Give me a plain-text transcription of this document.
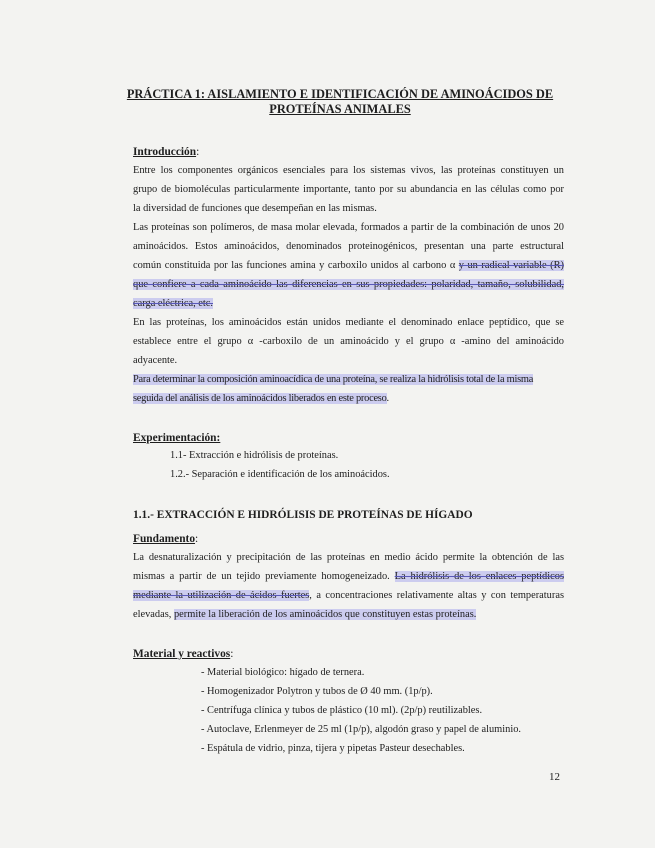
PRÁCTICA 1: AISLAMIENTO E IDENTIFICACIÓN DE AMINOÁCIDOS DE
PROTEÍNAS ANIMALES
Introducción:
Entre los componentes orgánicos esenciales para los sistemas vivos, las proteínas constituyen un
grupo de biomoléculas particularmente importante, tanto por su abundancia en las células como por
la diversidad de funciones que desempeñan en las mismas.
Las proteínas son polímeros, de masa molar elevada, formados a partir de la combinación de unos 20
aminoácidos. Estos aminoácidos, denominados proteinogénicos, presentan una parte estructural
común constituida por las funciones amina y carboxilo unidos al carbono α y un radical variable (R)
que confiere a cada aminoácido las diferencias en sus propiedades: polaridad, tamaño, solubilidad,
carga eléctrica, etc.
En las proteínas, los aminoácidos están unidos mediante el denominado enlace peptídico, que se
establece entre el grupo α -carboxilo de un aminoácido y el grupo α -amino del aminoácido
adyacente.
Para determinar la composición aminoacídica de una proteína, se realiza la hidrólisis total de la misma
seguida del análisis de los aminoácidos liberados en este proceso.
Experimentación:
1.1- Extracción e hidrólisis de proteínas.
1.2.- Separación e identificación de los aminoácidos.
1.1.- EXTRACCIÓN E HIDRÓLISIS DE PROTEÍNAS DE HÍGADO
Fundamento:
La desnaturalización y precipitación de las proteínas en medio ácido permite la obtención de las
mismas a partir de un tejido previamente homogeneizado. La hidrólisis de los enlaces peptídicos
mediante la utilización de ácidos fuertes, a concentraciones relativamente altas y con temperaturas
elevadas, permite la liberación de los aminoácidos que constituyen estas proteínas.
Material y reactivos:
- Material biológico: hígado de ternera.
- Homogenizador Polytron y tubos de Ø 40 mm. (1p/p).
- Centrífuga clínica y tubos de plástico (10 ml). (2p/p) reutilizables.
- Autoclave, Erlenmeyer de 25 ml (1p/p), algodón graso y papel de aluminio.
- Espátula de vidrio, pinza, tijera y pipetas Pasteur desechables.
12
